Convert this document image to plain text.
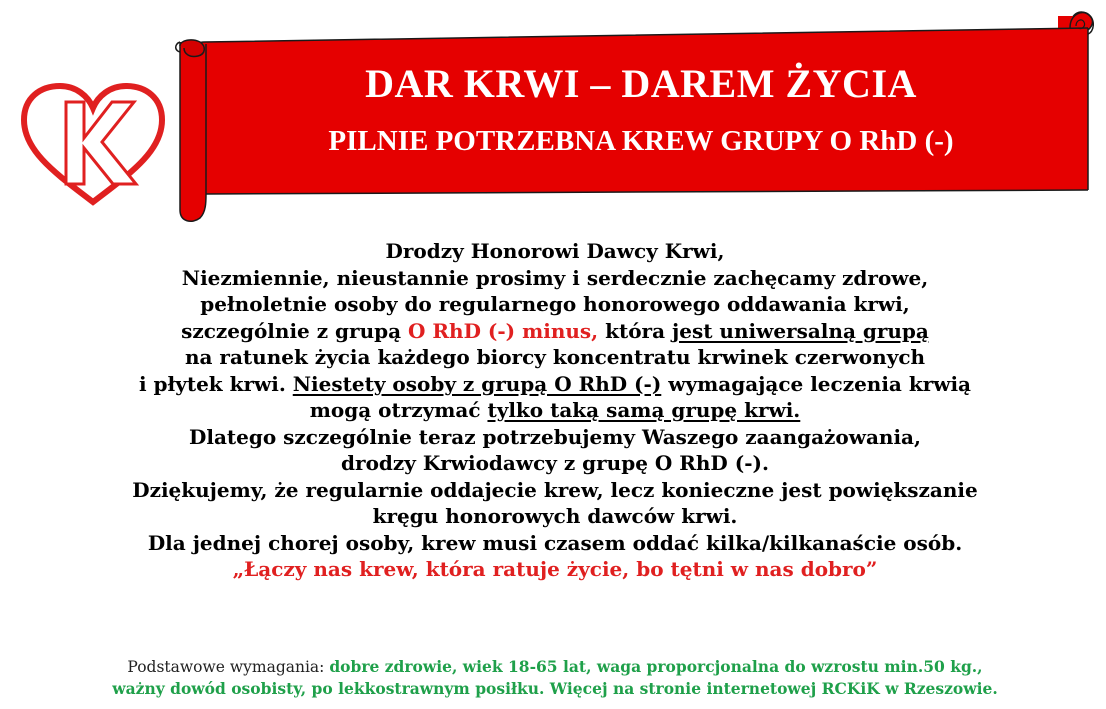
DAR KRWI – DAREM ŻYCIA
PILNIE POTRZEBNA KREW GRUPY O RhD (-)

Drodzy Honorowi Dawcy Krwi,

Niezmiennie, nieustannie prosimy i serdecznie zachęcamy zdrowe,

pełnoletnie osoby do regularnego honorowego oddawania krwi,

szczególnie z grupą O RhD (-) minus, która jest uniwersalną grupą

na ratunek życia każdego biorcy koncentratu krwinek czerwonych

i płytek krwi. Niestety osoby z grupą O RhD (-) wymagające leczenia krwią

mogą otrzymać tylko taką samą grupę krwi.

Dlatego szczególnie teraz potrzebujemy Waszego zaangażowania,

drodzy Krwiodawcy z grupę O RhD (-).

Dziękujemy, że regularnie oddajecie krew, lecz konieczne jest powiększanie

kręgu honorowych dawców krwi.

Dla jednej chorej osoby, krew musi czasem oddać kilka/kilkanaście osób.

„Łączy nas krew, która ratuje życie, bo tętni w nas dobro”

Podstawowe wymagania: dobre zdrowie, wiek 18-65 lat, waga proporcjonalna do wzrostu min.50 kg.,
ważny dowód osobisty, po lekkostrawnym posiłku. Więcej na stronie internetowej RCKiK w Rzeszowie.
